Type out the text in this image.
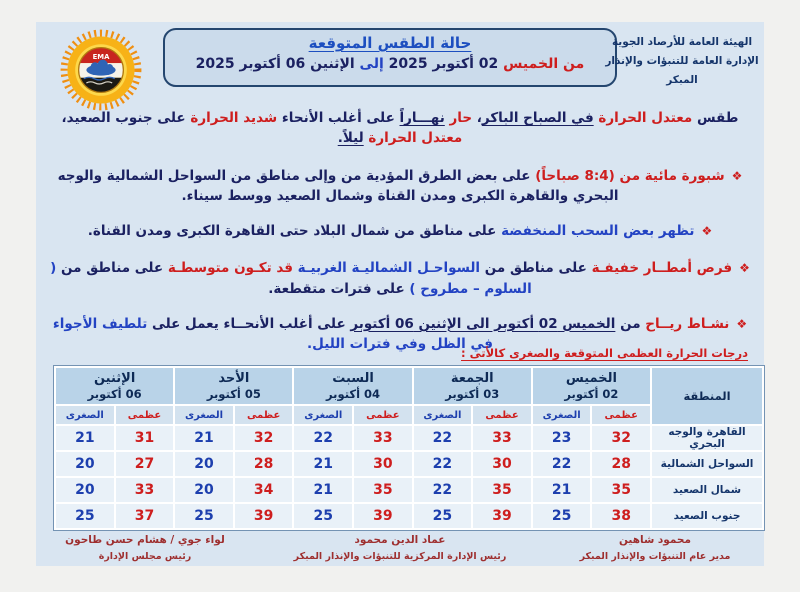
EMA
حالة الطقس المتوقعة
من الخميس 02 أكتوبر 2025 إلى الإثنين 06 أكتوبر 2025
الهيئة العامة للأرصاد الجوية
الإدارة العامة للتنبؤات والإنذار المبكر

طقس معتدل الحرارة في الصباح الباكر، حار نهـــاراً على أغلب الأنحاء شديد الحرارة على جنوب الصعيد، معتدل الحرارة ليلاً.

❖شبورة مائية من (8:4 صباحاً) على بعض الطرق المؤدية من وإلى مناطق من السواحل الشمالية والوجه البحري والقاهرة الكبرى ومدن القناة وشمال الصعيد ووسط سيناء.

❖تظهر بعض السحب المنخفضة على مناطق من شمال البلاد حتى القاهرة الكبرى ومدن القناة.

❖فرص أمطــار خفيفـة على مناطق من السواحـل الشماليـة الغربيـة قد تكـون متوسطـة على مناطق من ( السلوم – مطروح ) على فترات متقطعة.

❖نشـاط ريــاح من الخميس 02 أكتوبر الى الإثنين 06 أكتوبر على أغلب الأنحــاء يعمل على تلطيف الأجواء في الظل وفي فترات الليل.

درجات الحرارة العظمى المتوقعة والصغرى كالأتى :
المنطقة	
الخميس
02 أكتوبر

الجمعة
03 أكتوبر

السبت
04 أكتوبر

الأحد
05 أكتوبر

الإثنين
06 أكتوبر

	عظمى	الصغرى	عظمى	الصغرى	عظمى	الصغرى	عظمى	الصغرى	عظمى	الصغرى
القاهرة والوجه البحري	32	23	33	22	33	22	32	21	31	21
السواحل الشمالية	28	22	30	22	30	21	28	20	27	20
شمال الصعيد	35	21	35	22	35	21	34	20	33	20
جنوب الصعيد	38	25	39	25	39	25	39	25	37	25
محمود شاهين
مدير عام التنبؤات والإنذار المبكر
عماد الدين محمود
رئيس الإدارة المركزية للتنبؤات والإنذار المبكر
لواء جوي / هشام حسن طاحون
رئيس مجلس الإدارة
